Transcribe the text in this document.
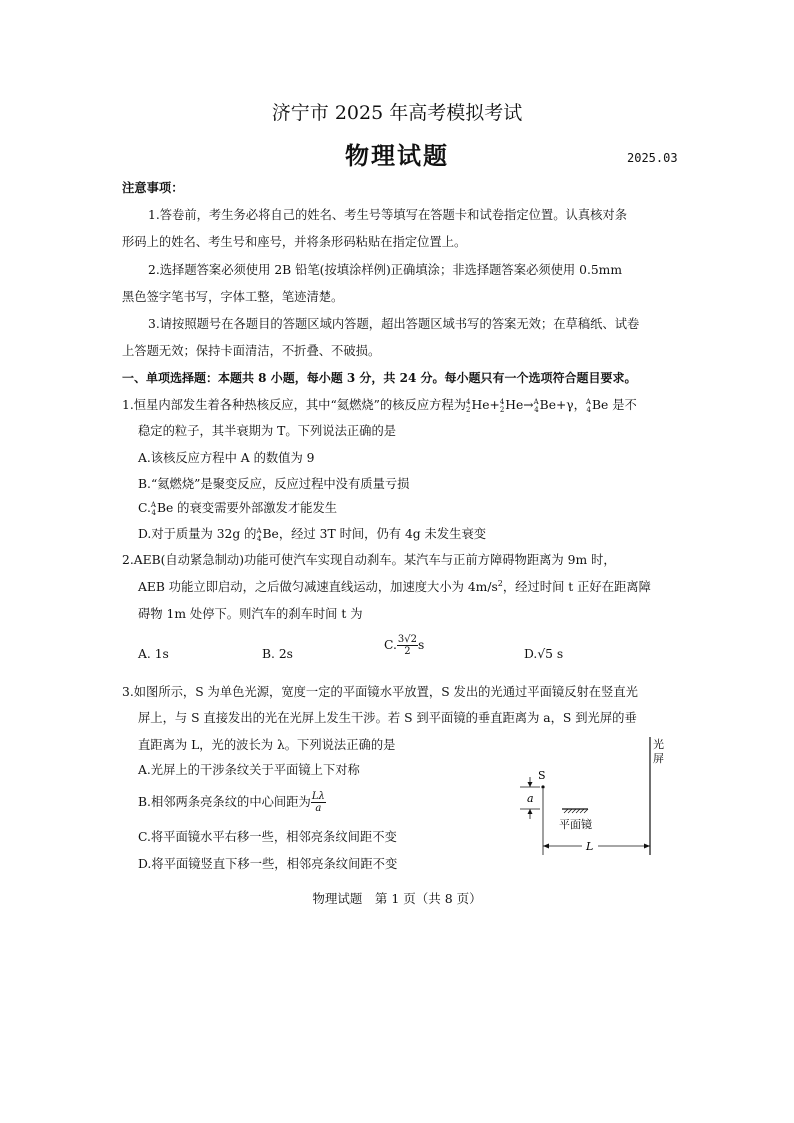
济宁市 2025 年高考模拟考试
物理试题	2025.03
注意事项：
1.答卷前，考生务必将自己的姓名、考生号等填写在答题卡和试卷指定位置。认真核对条
形码上的姓名、考生号和座号，并将条形码粘贴在指定位置上。
2.选择题答案必须使用 2B 铅笔(按填涂样例)正确填涂；非选择题答案必须使用 0.5mm
黑色签字笔书写，字体工整，笔迹清楚。
3.请按照题号在各题目的答题区域内答题，超出答题区域书写的答案无效；在草稿纸、试卷
上答题无效；保持卡面清洁，不折叠、不破损。
一、单项选择题：本题共 8 小题，每小题 3 分，共 24 分。每小题只有一个选项符合题目要求。
1.恒星内部发生着各种热核反应，其中“氦燃烧”的核反应方程为 4
2 He+ 4
2 He→ A
4 Be+γ， A
4 Be 是不
稳定的粒子，其半衰期为 T。下列说法正确的是
A.该核反应方程中 A 的数值为 9
B.“氦燃烧”是聚变反应，反应过程中没有质量亏损
C. A
4 Be 的衰变需要外部激发才能发生
D.对于质量为 32g 的 A
4 Be，经过 3T 时间，仍有 4g 未发生衰变
2.AEB(自动紧急制动)功能可使汽车实现自动刹车。某汽车与正前方障碍物距离为 9m 时，
AEB 功能立即启动，之后做匀减速直线运动，加速度大小为 $4m/s^2$，经过时间 t 正好在距离障
碍物 1m 处停下。则汽车的刹车时间 t 为
A. 1s	B. 2s
C. $\frac{3√2}{2}$ s
D.√5 s
3.如图所示，S 为单色光源，宽度一定的平面镜水平放置，S 发出的光通过平面镜反射在竖直光
屏上，与 S 直接发出的光在光屏上发生干涉。若 S 到平面镜的垂直距离为 a，S 到光屏的垂
直距离为 L，光的波长为 λ。下列说法正确的是
A.光屏上的干涉条纹关于平面镜上下对称
B.相邻两条亮条纹的中心间距为 $\frac{L\lambda}{a}$
C.将平面镜水平右移一些，相邻亮条纹间距不变
D.将平面镜竖直下移一些，相邻亮条纹间距不变
光
屏
S
a
平面镜
L
物理试题　第 1 页（共 8 页）
